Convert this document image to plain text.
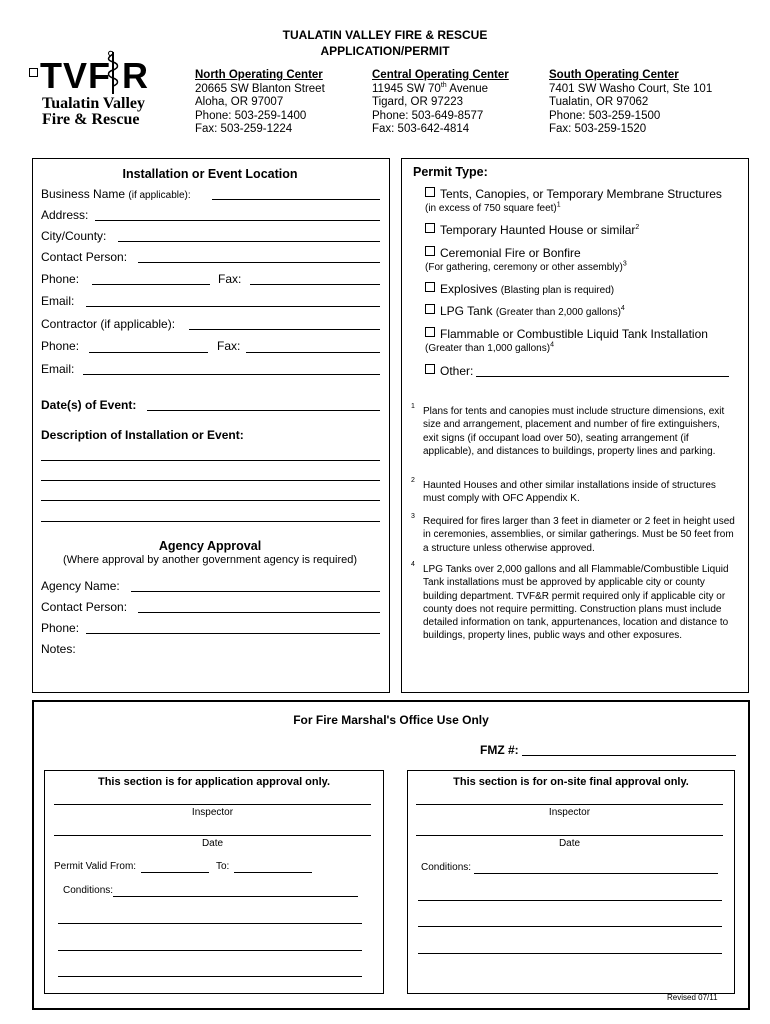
TUALATIN VALLEY FIRE & RESCUE
APPLICATION/PERMIT
TVF R
Tualatin Valley
Fire & Rescue
North Operating Center
20665 SW Blanton Street
Aloha, OR 97007
Phone: 503-259-1400
Fax: 503-259-1224
Central Operating Center
11945 SW 70th Avenue
Tigard, OR 97223
Phone: 503-649-8577
Fax: 503-642-4814
South Operating Center
7401 SW Washo Court, Ste 101
Tualatin, OR 97062
Phone: 503-259-1500
Fax: 503-259-1520
Installation or Event Location
Business Name (if applicable):
Address:
City/County:
Contact Person:
Phone:	Fax:
Email:
Contractor (if applicable):
Phone:	Fax:
Email:
Date(s) of Event:
Description of Installation or Event:
Agency Approval
(Where approval by another government agency is required)
Agency Name:
Contact Person:
Phone:
Notes:
Permit Type:
Tents, Canopies, or Temporary Membrane Structures
(in excess of 750 square feet)$^1$
Temporary Haunted House or similar$^2$
Ceremonial Fire or Bonfire
(For gathering, ceremony or other assembly)$^3$
Explosives (Blasting plan is required)
LPG Tank (Greater than 2,000 gallons)$^4$
Flammable or Combustible Liquid Tank Installation
(Greater than 1,000 gallons)$^4$
Other:
1 Plans for tents and canopies must include structure dimensions, exit size and arrangement, placement and number of fire extinguishers, exit signs (if occupant load over 50), seating arrangement (if applicable), and distances to buildings, property lines and parking.
2 Haunted Houses and other similar installations inside of structures must comply with OFC Appendix K.
3 Required for fires larger than 3 feet in diameter or 2 feet in height used in ceremonies, assemblies, or similar gatherings. Must be 50 feet from a structure unless otherwise approved.
4 LPG Tanks over 2,000 gallons and all Flammable/Combustible Liquid Tank installations must be approved by applicable city or county building department. TVF&R permit required only if applicable city or county does not require permitting. Construction plans must include detailed information on tank, appurtenances, location and distance to buildings, property lines, public ways and other exposures.
For Fire Marshal's Office Use Only
FMZ #:
This section is for application approval only.
Inspector
Date
Permit Valid From:	To:
Conditions:
This section is for on-site final approval only.
Inspector
Date
Conditions:
Revised 07/11
